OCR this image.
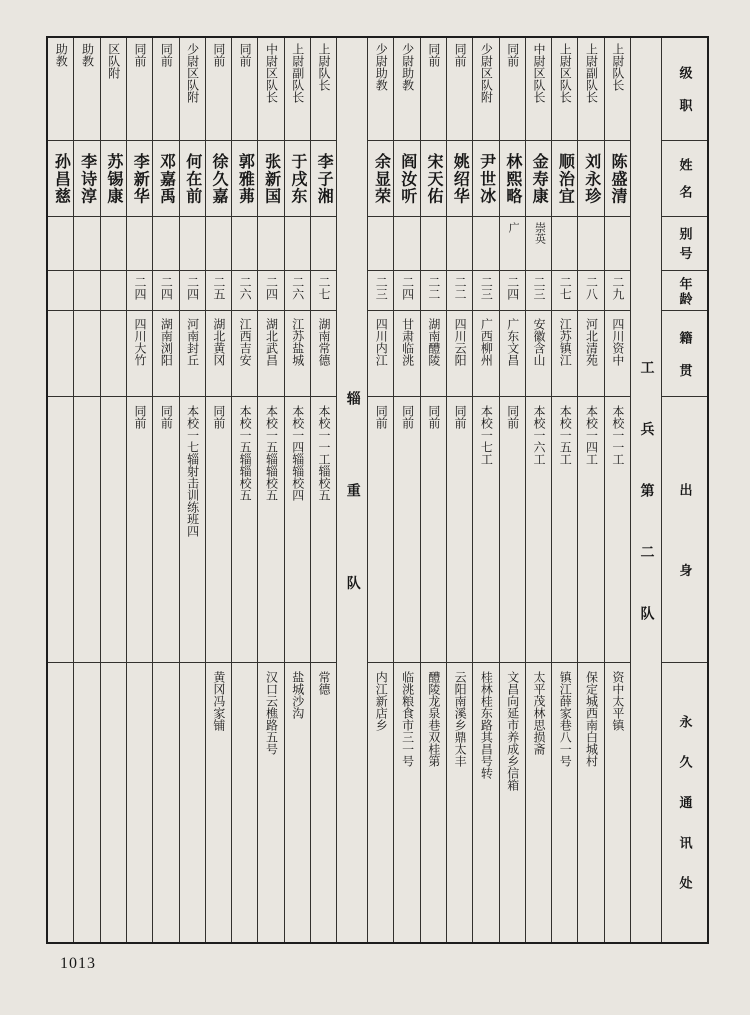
级职
姓名
别号
年龄
籍贯
出身
永久通讯处
工兵第二队
上尉队长
陈盛清
二九
四川资中
本校一一工
资中太平镇
上尉副队长
刘永珍
二八
河北清苑
本校一四工
保定城西南白城村
上尉区队长
顺治宜
二七
江苏镇江
本校一五工
镇江薛家巷八一号
中尉区队长
金寿康
崇英
二三
安徽含山
本校一六工
太平茂林思损斋
同前
林熙略
广
二四
广东文昌
同前
文昌向延市养成乡信箱
少尉区队附
尹世冰
二三
广西柳州
本校一七工
桂林桂东路其昌号转
同前
姚绍华
二二
四川云阳
同前
云阳南溪乡鼎太丰
同前
宋天佑
二二
湖南醴陵
同前
醴陵龙泉巷双桂第
少尉助教
阎汝听
二四
甘肃临洮
同前
临洮粮食市三一号
少尉助教
余显荣
二三
四川内江
同前
内江新店乡
辎重队
上尉队长
李子湘
二七
湖南常德
本校一一工辎校五
常德
上尉副队长
于戌东
二六
江苏盐城
本校一四辎辎校四
盐城沙沟
中尉区队长
张新国
二四
湖北武昌
本校一五辎辎校五
汉口云樵路五号
同前
郭雅茀
二六
江西吉安
本校一五辎辎校五
同前
徐久嘉
二五
湖北黄冈
同前
黄冈冯家铺
少尉区队附
何在前
二四
河南封丘
本校一七辎射击训练班四
同前
邓嘉禹
二四
湖南浏阳
同前
同前
李新华
二四
四川大竹
同前
区队附
苏锡康
助教
李诗淳
助教
孙昌慈
1013
